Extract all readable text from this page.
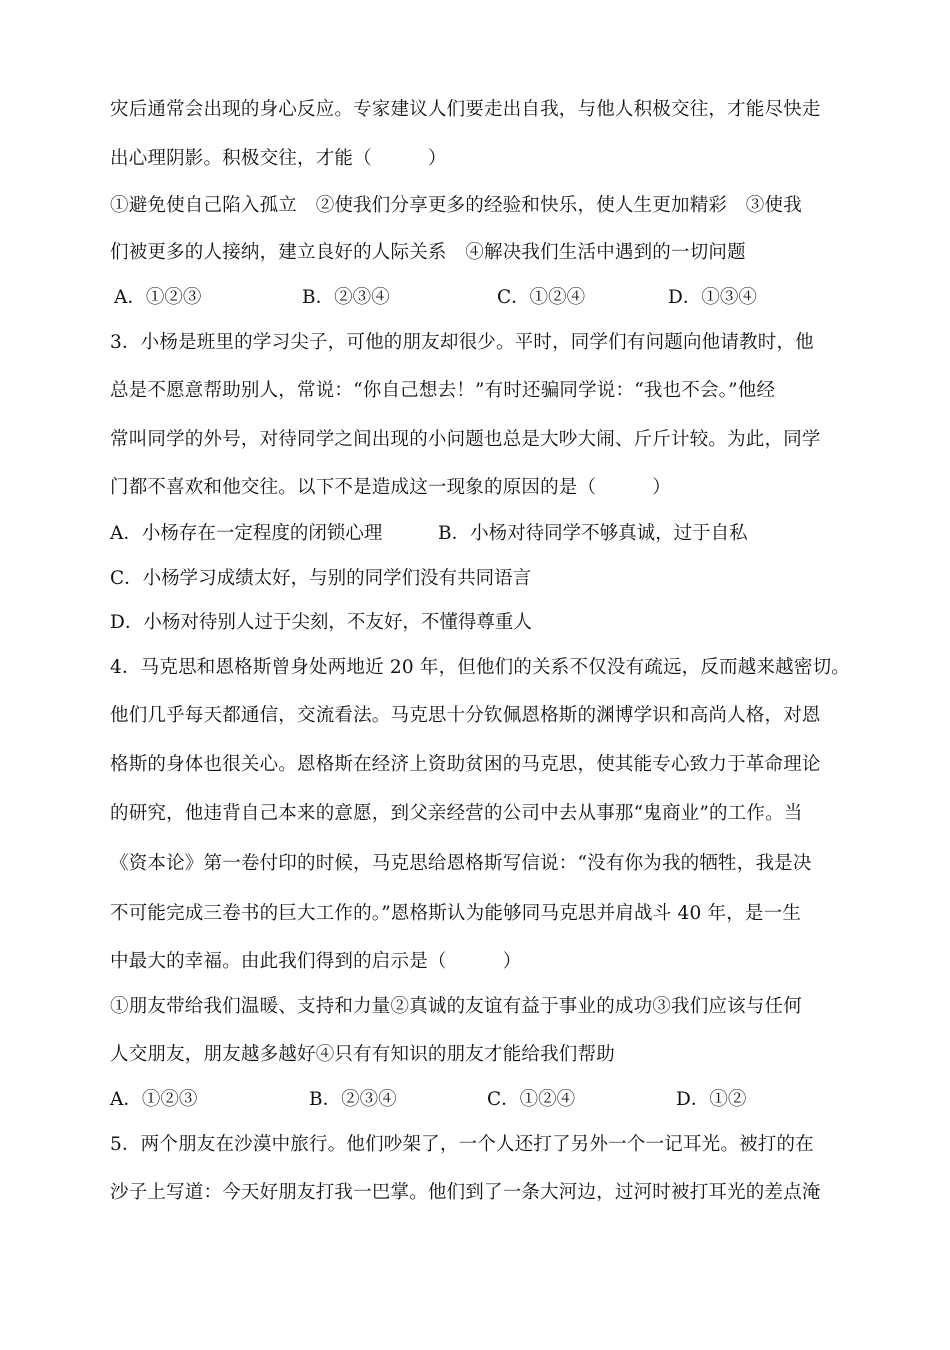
灾后通常会出现的身心反应。专家建议人们要走出自我，与他人积极交往，才能尽快走
出心理阴影。积极交往，才能（　　　）
①避免使自己陷入孤立　②使我们分享更多的经验和快乐，使人生更加精彩　③使我
们被更多的人接纳，建立良好的人际关系　④解决我们生活中遇到的一切问题
A．①②③	B．②③④	C．①②④	D．①③④
3．小杨是班里的学习尖子，可他的朋友却很少。平时，同学们有问题向他请教时，他
总是不愿意帮助别人，常说：“你自己想去！”有时还骗同学说：“我也不会。”他经
常叫同学的外号，对待同学之间出现的小问题也总是大吵大闹、斤斤计较。为此，同学
门都不喜欢和他交往。以下不是造成这一现象的原因的是（　　　）
A．小杨存在一定程度的闭锁心理	B．小杨对待同学不够真诚，过于自私
C．小杨学习成绩太好，与别的同学们没有共同语言
D．小杨对待别人过于尖刻，不友好，不懂得尊重人
4．马克思和恩格斯曾身处两地近 20 年，但他们的关系不仅没有疏远，反而越来越密切。
他们几乎每天都通信，交流看法。马克思十分钦佩恩格斯的渊博学识和高尚人格，对恩
格斯的身体也很关心。恩格斯在经济上资助贫困的马克思，使其能专心致力于革命理论
的研究，他违背自己本来的意愿，到父亲经营的公司中去从事那“鬼商业”的工作。当
《资本论》第一卷付印的时候，马克思给恩格斯写信说：“没有你为我的牺牲，我是决
不可能完成三卷书的巨大工作的。”恩格斯认为能够同马克思并肩战斗 40 年，是一生
中最大的幸福。由此我们得到的启示是（　　　）
①朋友带给我们温暖、支持和力量②真诚的友谊有益于事业的成功③我们应该与任何
人交朋友，朋友越多越好④只有有知识的朋友才能给我们帮助
A．①②③	B．②③④	C．①②④	D．①②
5．两个朋友在沙漠中旅行。他们吵架了，一个人还打了另外一个一记耳光。被打的在
沙子上写道：今天好朋友打我一巴掌。他们到了一条大河边，过河时被打耳光的差点淹
